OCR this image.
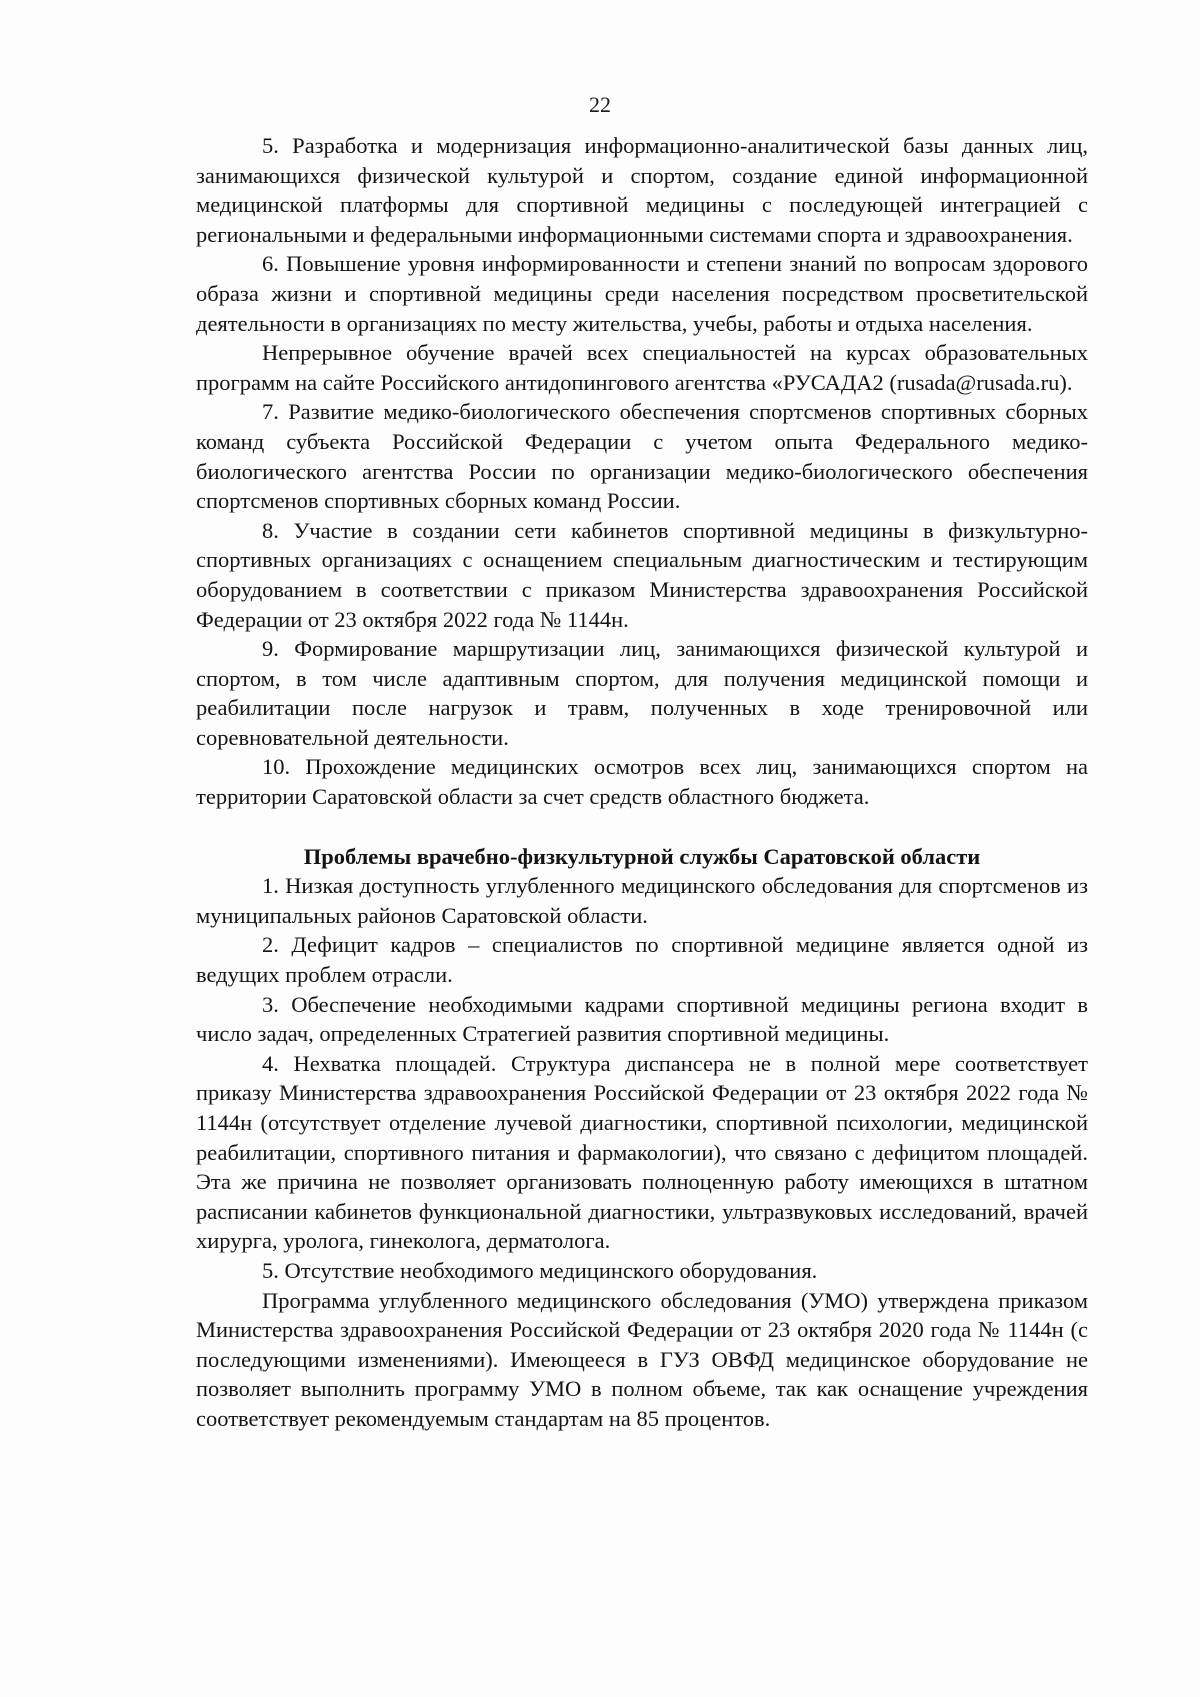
22

5. Разработка и модернизация информационно-аналитической базы данных лиц, занимающихся физической культурой и спортом, создание единой информационной медицинской платформы для спортивной медицины с последующей интеграцией с региональными и федеральными информационными системами спорта и здравоохранения.

6. Повышение уровня информированности и степени знаний по вопросам здорового образа жизни и спортивной медицины среди населения посредством просветительской деятельности в организациях по месту жительства, учебы, работы и отдыха населения.

Непрерывное обучение врачей всех специальностей на курсах образовательных программ на сайте Российского антидопингового агентства «РУСАДА2 (rusada@rusada.ru).

7. Развитие медико-биологического обеспечения спортсменов спортивных сборных команд субъекта Российской Федерации с учетом опыта Федерального медико-биологического агентства России по организации медико-биологического обеспечения спортсменов спортивных сборных команд России.

8. Участие в создании сети кабинетов спортивной медицины в физкультурно-спортивных организациях с оснащением специальным диагностическим и тестирующим оборудованием в соответствии с приказом Министерства здравоохранения Российской Федерации от 23 октября 2022 года № 1144н.

9. Формирование маршрутизации лиц, занимающихся физической культурой и спортом, в том числе адаптивным спортом, для получения медицинской помощи и реабилитации после нагрузок и травм, полученных в ходе тренировочной или соревновательной деятельности.

10. Прохождение медицинских осмотров всех лиц, занимающихся спортом на территории Саратовской области за счет средств областного бюджета.

Проблемы врачебно-физкультурной службы Саратовской области

1. Низкая доступность углубленного медицинского обследования для спортсменов из муниципальных районов Саратовской области.

2. Дефицит кадров – специалистов по спортивной медицине является одной из ведущих проблем отрасли.

3. Обеспечение необходимыми кадрами спортивной медицины региона входит в число задач, определенных Стратегией развития спортивной медицины.

4. Нехватка площадей. Структура диспансера не в полной мере соответствует приказу Министерства здравоохранения Российской Федерации от 23 октября 2022 года № 1144н (отсутствует отделение лучевой диагностики, спортивной психологии, медицинской реабилитации, спортивного питания и фармакологии), что связано с дефицитом площадей. Эта же причина не позволяет организовать полноценную работу имеющихся в штатном расписании кабинетов функциональной диагностики, ультразвуковых исследований, врачей хирурга, уролога, гинеколога, дерматолога.

5. Отсутствие необходимого медицинского оборудования.

Программа углубленного медицинского обследования (УМО) утверждена приказом Министерства здравоохранения Российской Федерации от 23 октября 2020 года № 1144н (с последующими изменениями). Имеющееся в ГУЗ ОВФД медицинское оборудование не позволяет выполнить программу УМО в полном объеме, так как оснащение учреждения соответствует рекомендуемым стандартам на 85 процентов.
